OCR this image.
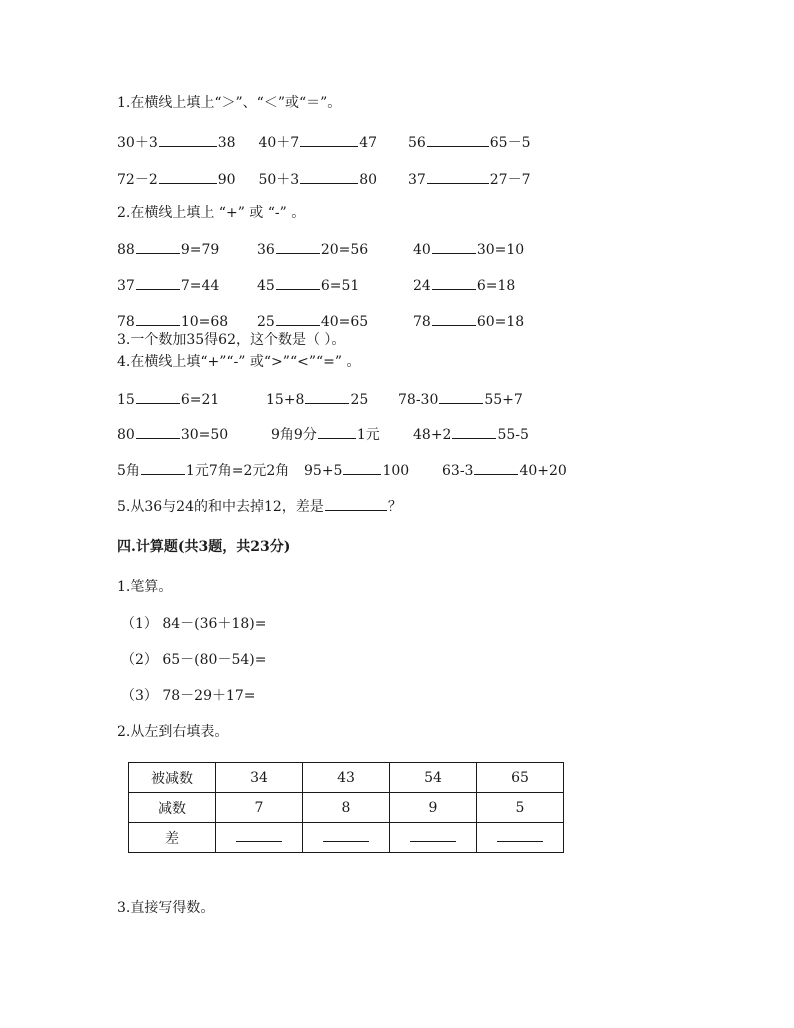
1.在横线上填上“＞”、“＜”或“＝”。
30＋3	38 40＋7	47 56	65－5
72－2	90 50＋3	80 37	27－7
2.在横线上填上 “+” 或 “-” 。
88	9=79	36	20=56	40	30=10
37	7=44	45	6=51	24	6=18
78	10=68 25	40=65	78	60=18
3.一个数加35得62，这个数是（ ）。
4.在横线上填“+”“-” 或“>”“<”“=” 。
15	6=21	15+8	25 78-30	55+7
80	30=50	9角9分	1元 48+2	55-5
5角	1元7角=2元2角 95+5	100 63-3	40+20
5.从36与24的和中去掉12，差是	？
四.计算题(共3题，共23分)
1.笔算。
（1） 84－(36＋18)=
（2） 65－(80－54)=
（3） 78－29＋17=
2.从左到右填表。
被减数	34	43	54	65
减数	7	8	9	5
差				
3.直接写得数。
